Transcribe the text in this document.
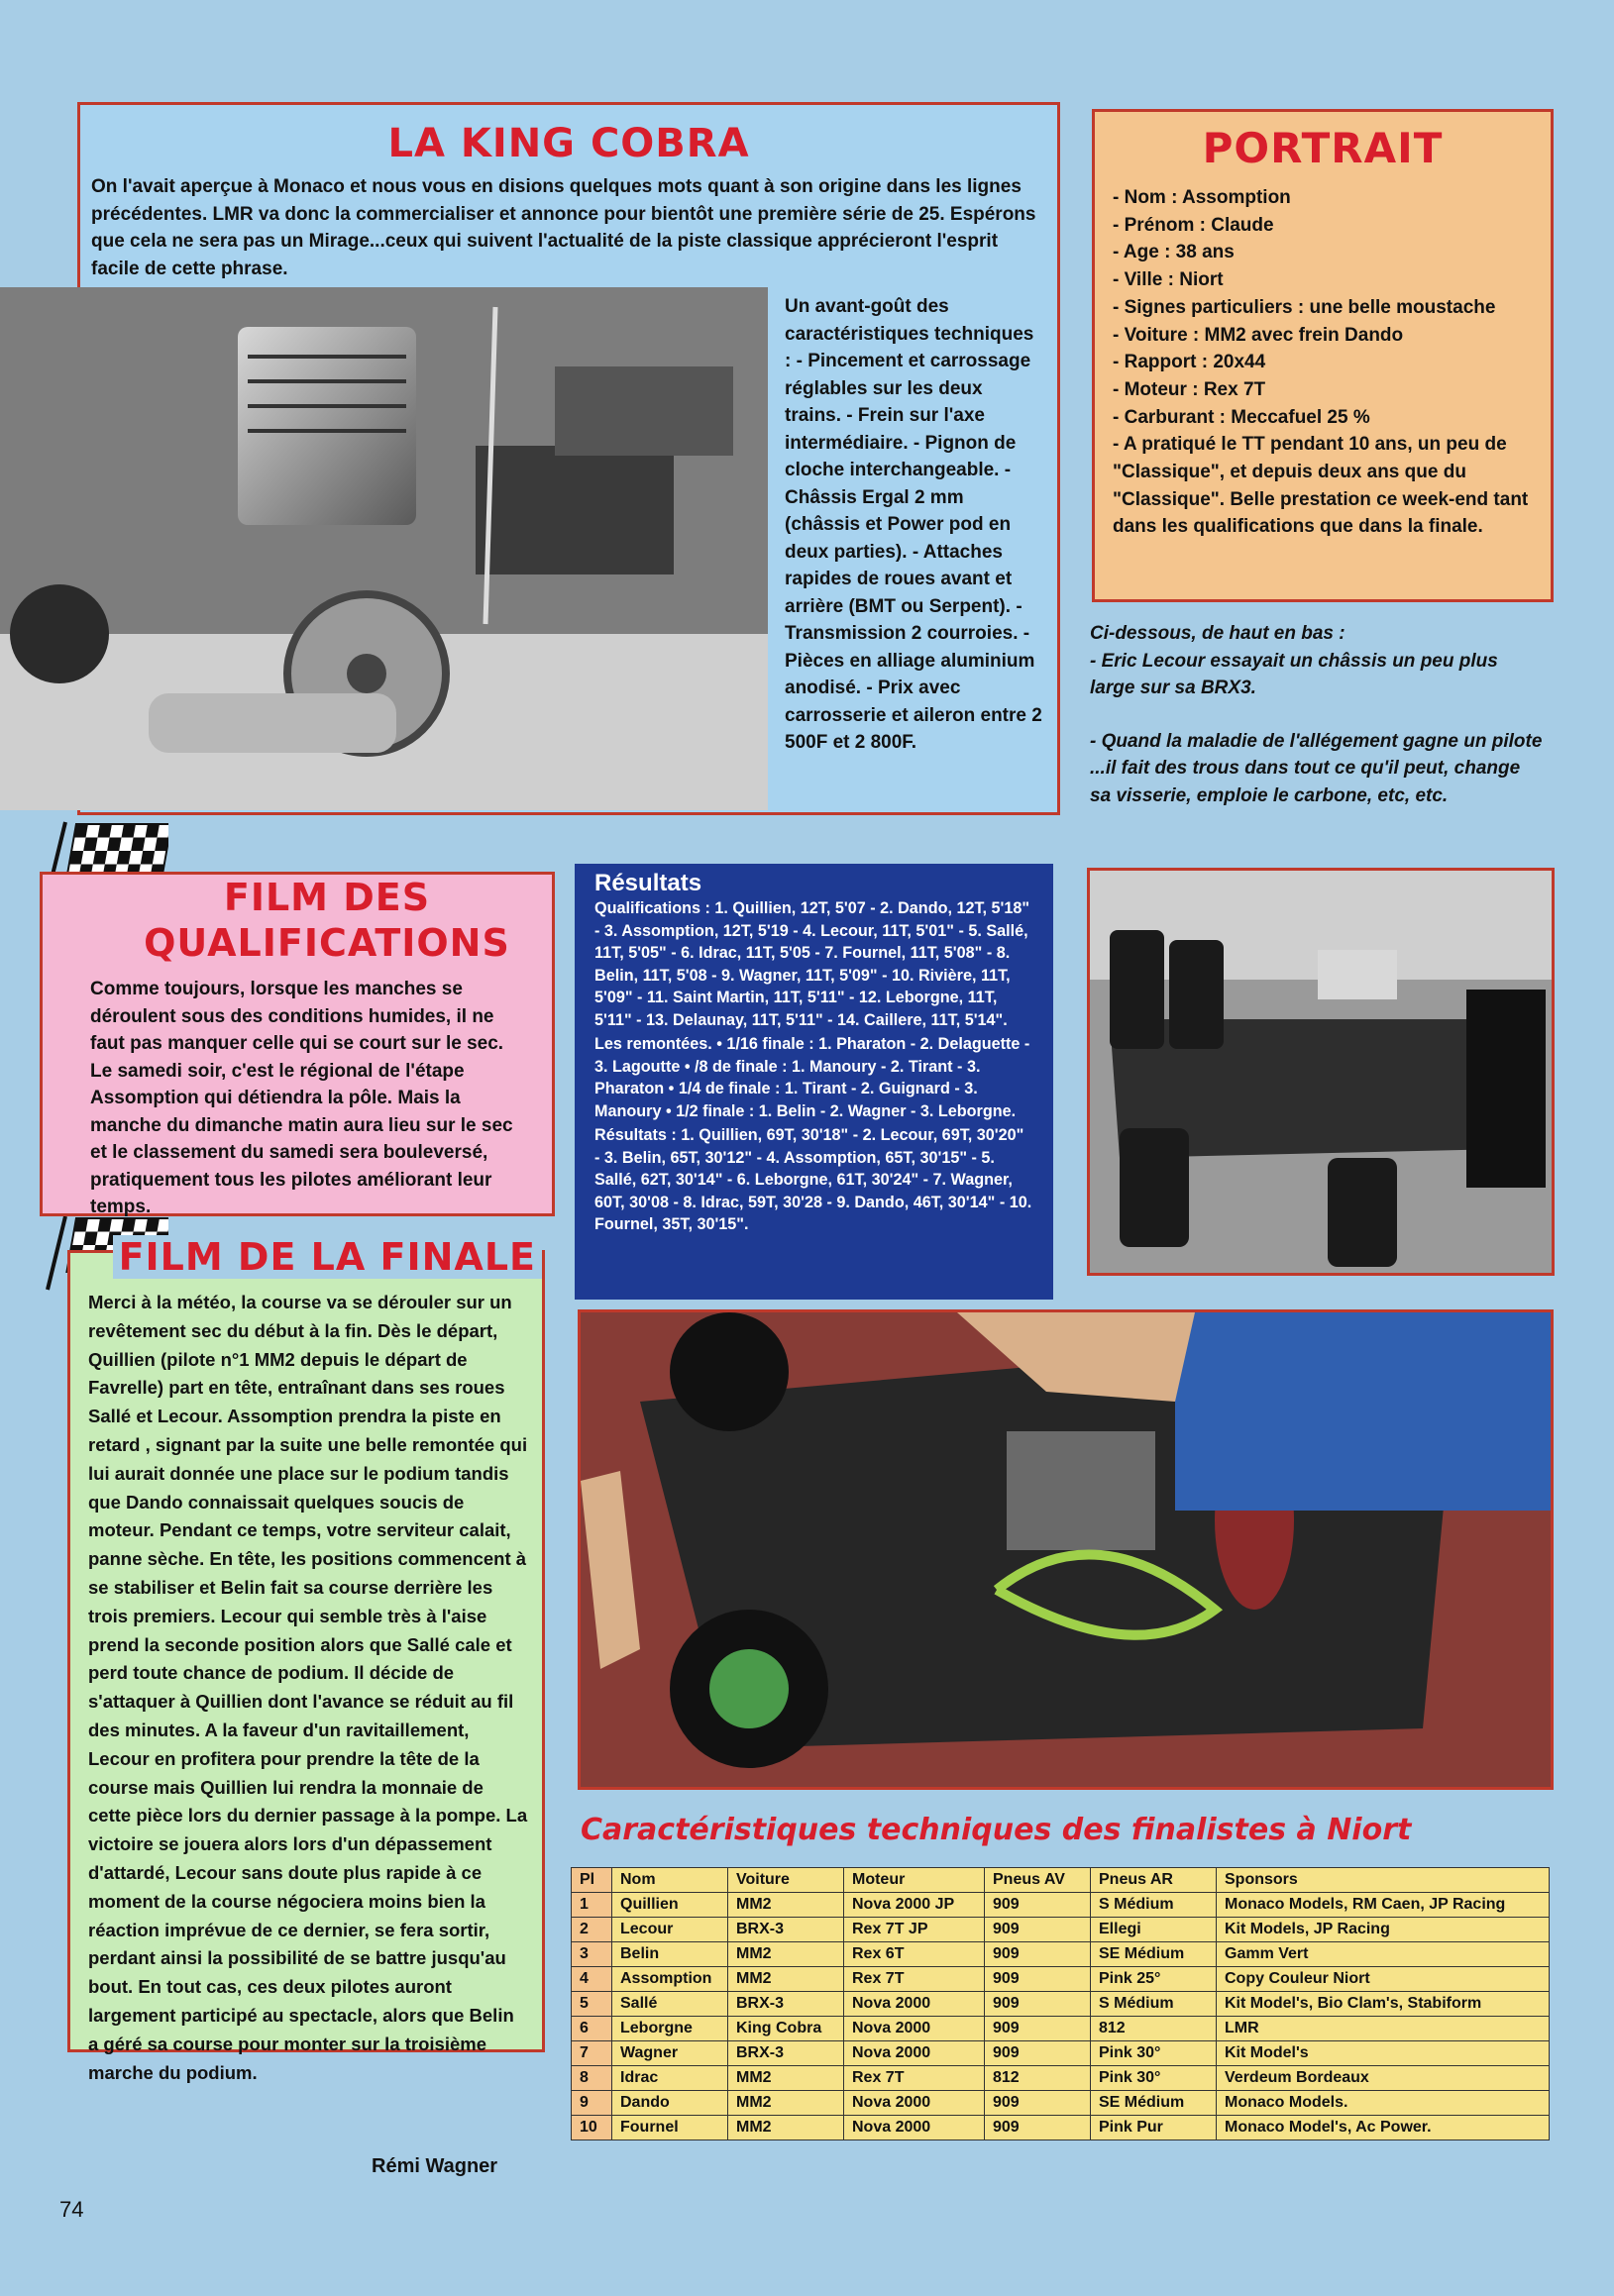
LA KING COBRA

On l'avait aperçue à Monaco et nous vous en disions quelques mots quant à son origine dans les lignes précédentes. LMR va donc la commercialiser et annonce pour bientôt une première série de 25. Espérons que cela ne sera pas un Mirage...ceux qui suivent l'actualité de la piste classique apprécieront l'esprit facile de cette phrase.

Un avant-goût des caractéristiques techniques : - Pincement et carrossage réglables sur les deux trains. - Frein sur l'axe intermédiaire. - Pignon de cloche interchangeable. - Châssis Ergal 2 mm (châssis et Power pod en deux parties). - Attaches rapides de roues avant et arrière (BMT ou Serpent). - Transmission 2 courroies. - Pièces en alliage aluminium anodisé. - Prix avec carrosserie et aileron entre 2 500F et 2 800F.

PORTRAIT
- Nom : Assomption
- Prénom : Claude
- Age : 38 ans
- Ville : Niort
- Signes particuliers : une belle moustache
- Voiture : MM2 avec frein Dando
- Rapport : 20x44
- Moteur : Rex 7T
- Carburant : Meccafuel 25 %
- A pratiqué le TT pendant 10 ans, un peu de "Classique", et depuis deux ans que du "Classique". Belle prestation ce week-end tant dans les qualifications que dans la finale.

Ci-dessous, de haut en bas :

- Eric Lecour essayait un châssis un peu plus large sur sa BRX3.

- Quand la maladie de l'allégement gagne un pilote ...il fait des trous dans tout ce qu'il peut, change sa visserie, emploie le carbone, etc, etc.

FILM DES QUALIFICATIONS

Comme toujours, lorsque les manches se déroulent sous des conditions humides, il ne faut pas manquer celle qui se court sur le sec. Le samedi soir, c'est le régional de l'étape Assomption qui détiendra la pôle. Mais la manche du dimanche matin aura lieu sur le sec et le classement du samedi sera bouleversé, pratiquement tous les pilotes améliorant leur temps.

FILM DE LA FINALE

Merci à la météo, la course va se dérouler sur un revêtement sec du début à la fin. Dès le départ, Quillien (pilote n°1 MM2 depuis le départ de Favrelle) part en tête, entraînant dans ses roues Sallé et Lecour. Assomption prendra la piste en retard , signant par la suite une belle remontée qui lui aurait donnée une place sur le podium tandis que Dando connaissait quelques soucis de moteur. Pendant ce temps, votre serviteur calait, panne sèche. En tête, les positions commencent à se stabiliser et Belin fait sa course derrière les trois premiers. Lecour qui semble très à l'aise prend la seconde position alors que Sallé cale et perd toute chance de podium. Il décide de s'attaquer à Quillien dont l'avance se réduit au fil des minutes. A la faveur d'un ravitaillement, Lecour en profitera pour prendre la tête de la course mais Quillien lui rendra la monnaie de cette pièce lors du dernier passage à la pompe. La victoire se jouera alors lors d'un dépassement d'attardé, Lecour sans doute plus rapide à ce moment de la course négociera moins bien la réaction imprévue de ce dernier, se fera sortir, perdant ainsi la possibilité de se battre jusqu'au bout. En tout cas, ces deux pilotes auront largement participé au spectacle, alors que Belin a géré sa course pour monter sur la troisième marche du podium.

Résultats
Qualifications : 1. Quillien, 12T, 5'07 - 2. Dando, 12T, 5'18" - 3. Assomption, 12T, 5'19 - 4. Lecour, 11T, 5'01" - 5. Sallé, 11T, 5'05" - 6. Idrac, 11T, 5'05 - 7. Fournel, 11T, 5'08" - 8. Belin, 11T, 5'08 - 9. Wagner, 11T, 5'09" - 10. Rivière, 11T, 5'09" - 11. Saint Martin, 11T, 5'11" - 12. Leborgne, 11T, 5'11" - 13. Delaunay, 11T, 5'11" - 14. Caillere, 11T, 5'14".
Les remontées. • 1/16 finale : 1. Pharaton - 2. Delaguette - 3. Lagoutte • /8 de finale : 1. Manoury - 2. Tirant - 3. Pharaton • 1/4 de finale : 1. Tirant - 2. Guignard - 3. Manoury • 1/2 finale : 1. Belin - 2. Wagner - 3. Leborgne.
Résultats : 1. Quillien, 69T, 30'18" - 2. Lecour, 69T, 30'20" - 3. Belin, 65T, 30'12" - 4. Assomption, 65T, 30'15" - 5. Sallé, 62T, 30'14" - 6. Leborgne, 61T, 30'24" - 7. Wagner, 60T, 30'08 - 8. Idrac, 59T, 30'28 - 9. Dando, 46T, 30'14" - 10. Fournel, 35T, 30'15".
Caractéristiques techniques des finalistes à Niort
Pl	Nom	Voiture	Moteur	Pneus AV	Pneus AR	Sponsors
1	Quillien	MM2	Nova 2000 JP	909	S Médium	Monaco Models, RM Caen, JP Racing
2	Lecour	BRX-3	Rex 7T JP	909	Ellegi	Kit Models, JP Racing
3	Belin	MM2	Rex 6T	909	SE Médium	Gamm Vert
4	Assomption	MM2	Rex 7T	909	Pink 25°	Copy Couleur Niort
5	Sallé	BRX-3	Nova 2000	909	S Médium	Kit Model's, Bio Clam's, Stabiform
6	Leborgne	King Cobra	Nova 2000	909	812	LMR
7	Wagner	BRX-3	Nova 2000	909	Pink 30°	Kit Model's
8	Idrac	MM2	Rex 7T	812	Pink 30°	Verdeum Bordeaux
9	Dando	MM2	Nova 2000	909	SE Médium	Monaco Models.
10	Fournel	MM2	Nova 2000	909	Pink Pur	Monaco Model's, Ac Power.
Rémi Wagner
74
